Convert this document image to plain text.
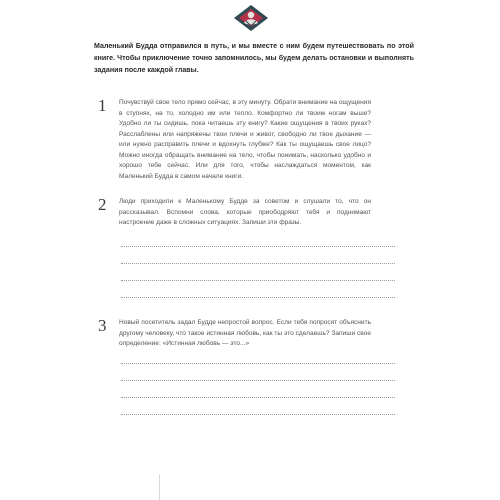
Маленький Будда отправился в путь, и мы вместе с ним будем путешествовать по этой книге. Чтобы приключение точно запомнилось, мы будем делать остановки и выполнять задания после каждой главы.

1 Почувствуй свое тело прямо сейчас, в эту минуту. Обрати внимание на ощущения в ступнях, на то, холодно им или тепло. Комфортно ли твоим ногам выше? Удобно ли ты сидишь, пока читаешь эту книгу? Какие ощущения в твоих руках? Расслаблены или напряжены твои плечи и живот, свободно ли твое дыхание — или нужно расправить плечи и вдохнуть глубже? Как ты ощущаешь свое лицо? Можно иногда обращать внимание на тело, чтобы понимать, насколько удобно и хорошо тебе сейчас. Или для того, чтобы наслаждаться моментом, как Маленький Будда в самом начале книги.

2 Люди приходили к Маленькому Будде за советом и слушали то, что он рассказывал. Вспомни слова, которые приободряют тебя и поднимают настроение даже в сложных ситуациях. Запиши эти фразы.

3 Новый посетитель задал Будде непростой вопрос. Если тебя попросят объяснить другому человеку, что такое истинная любовь, как ты это сделаешь? Запиши свое определение: «Истинная любовь — это...»
